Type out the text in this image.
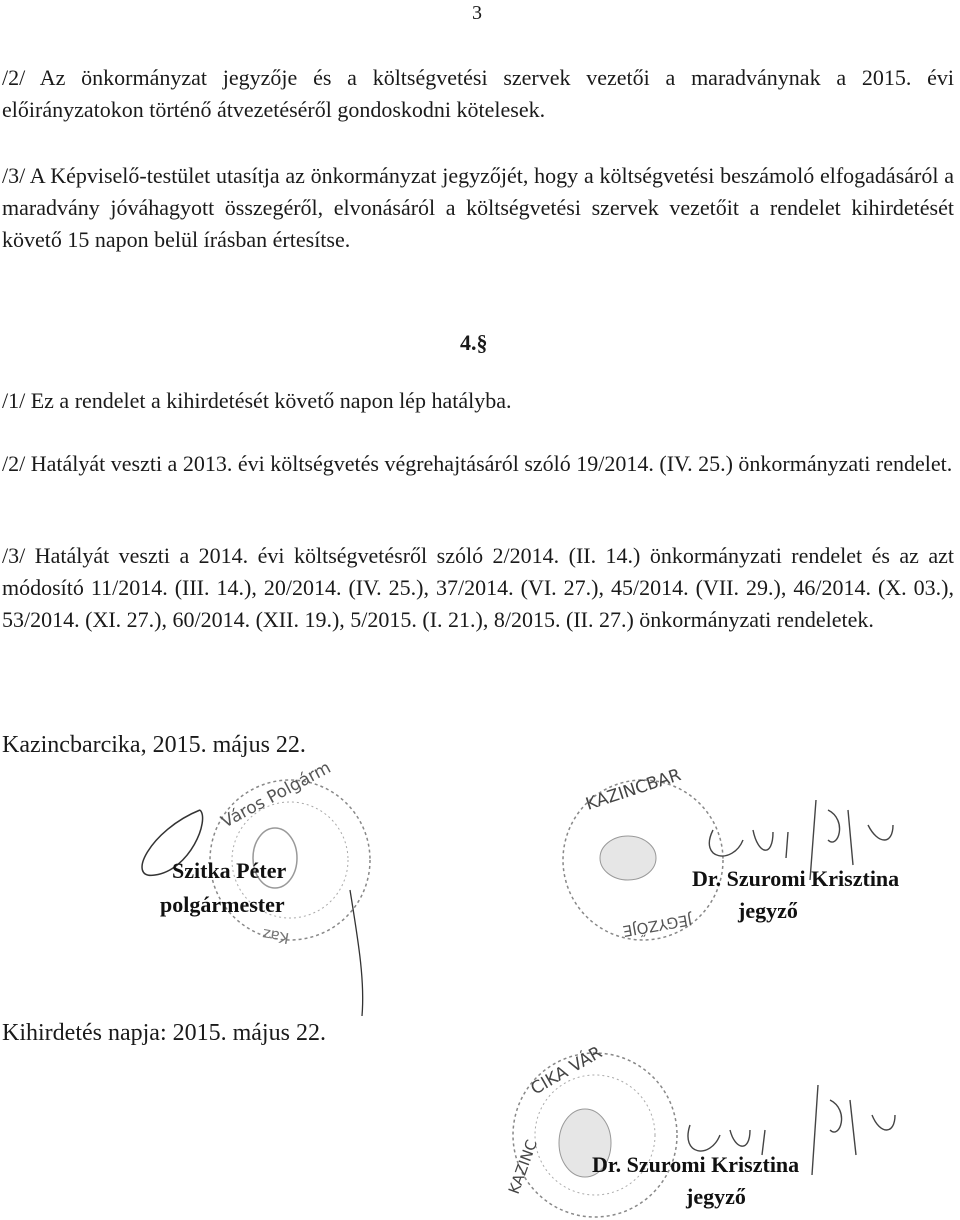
3

/2/ Az önkormányzat jegyzője és a költségvetési szervek vezetői a maradványnak a 2015. évi előirányzatokon történő átvezetéséről gondoskodni kötelesek.

/3/ A Képviselő-testület utasítja az önkormányzat jegyzőjét, hogy a költségvetési beszámoló elfogadásáról a maradvány jóváhagyott összegéről, elvonásáról a költségvetési szervek vezetőit a rendelet kihirdetését követő 15 napon belül írásban értesítse.

4.§
/1/ Ez a rendelet a kihirdetését követő napon lép hatályba.

/2/ Hatályát veszti a 2013. évi költségvetés végrehajtásáról szóló 19/2014. (IV. 25.) önkormányzati rendelet.

/3/ Hatályát veszti a 2014. évi költségvetésről szóló 2/2014. (II. 14.) önkormányzati rendelet és az azt módosító 11/2014. (III. 14.), 20/2014. (IV. 25.), 37/2014. (VI. 27.), 45/2014. (VII. 29.), 46/2014. (X. 03.), 53/2014. (XI. 27.), 60/2014. (XII. 19.), 5/2015. (I. 21.), 8/2015. (II. 27.) önkormányzati rendeletek.

Kazincbarcika, 2015. május 22.
Város Polgárm
Kaz
Szitka Péter
polgármester
KAZINCBAR
JEGYZŐJE
Dr. Szuromi Krisztina
jegyző
Kihirdetés napja: 2015. május 22.
CIKA VÁR
KAZINC Dr. Szuromi Krisztina
jegyző
